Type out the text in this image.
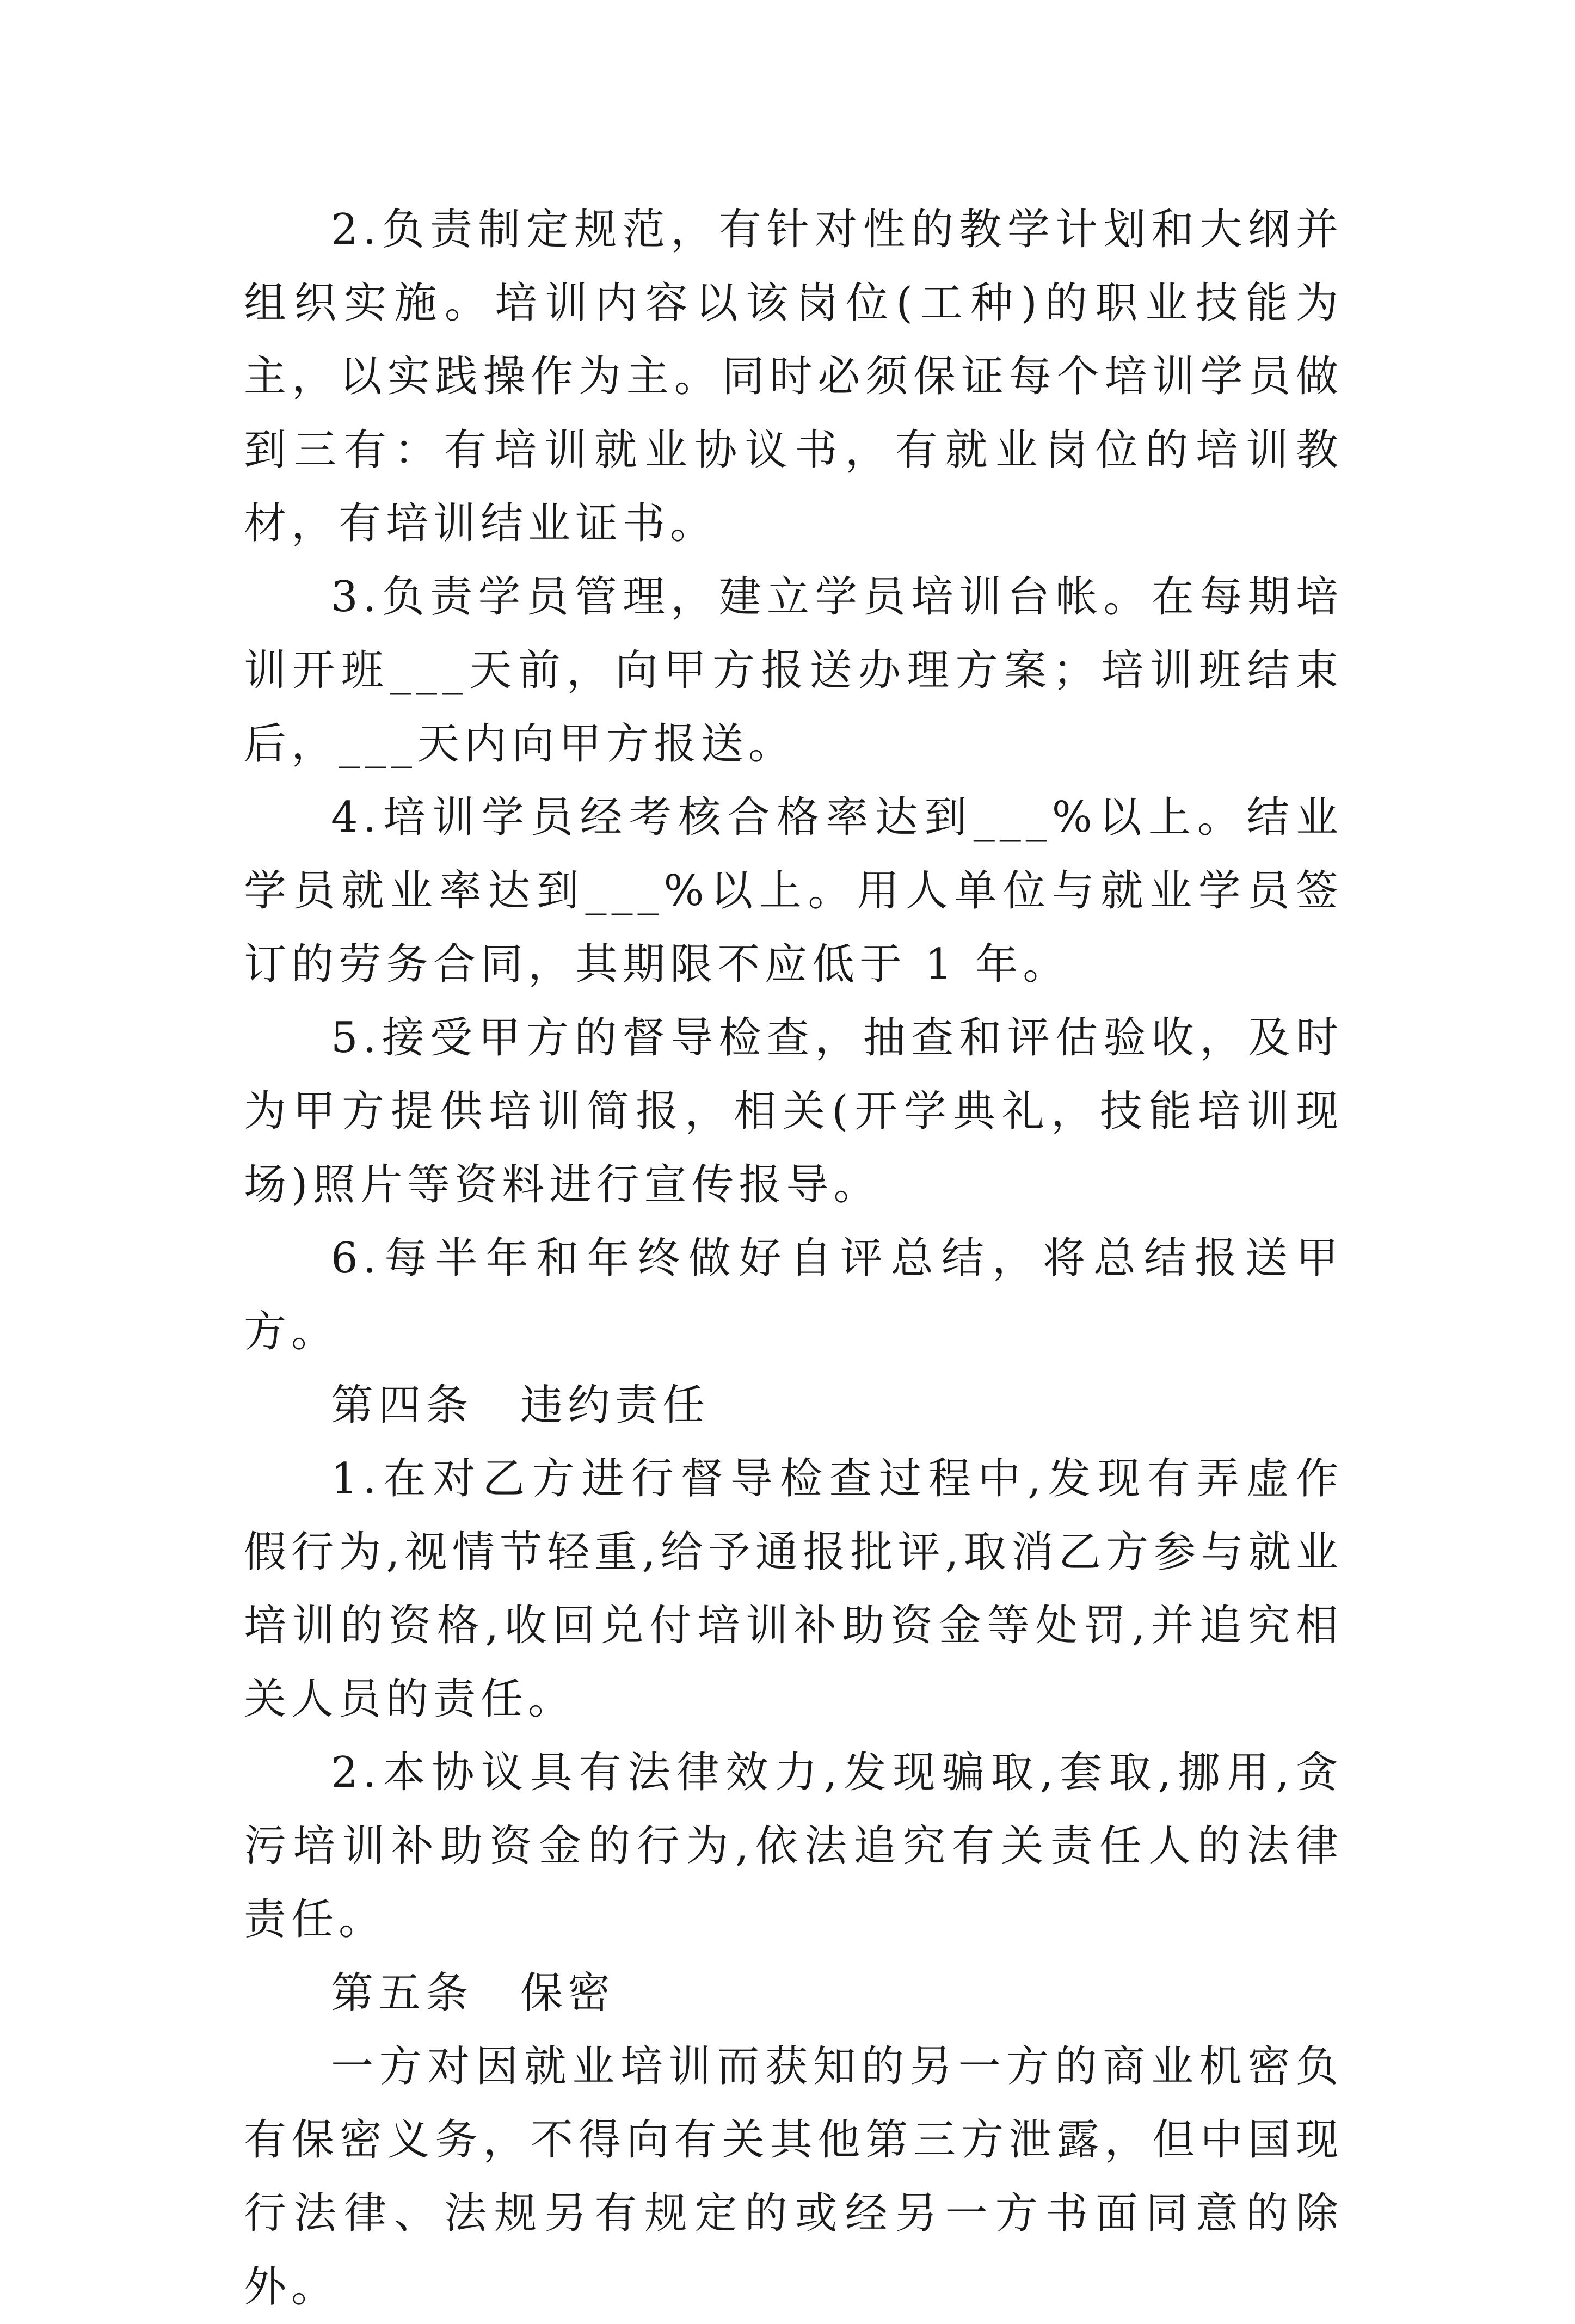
2.负责制定规范，有针对性的教学计划和大纲并组织实施。培训内容以该岗位(工种)的职业技能为主，以实践操作为主。同时必须保证每个培训学员做到三有：有培训就业协议书，有就业岗位的培训教材，有培训结业证书。

3.负责学员管理，建立学员培训台帐。在每期培训开班___天前，向甲方报送办理方案；培训班结束后，___天内向甲方报送。

4.培训学员经考核合格率达到___%以上。结业学员就业率达到___%以上。用人单位与就业学员签订的劳务合同，其期限不应低于 1 年。

5.接受甲方的督导检查，抽查和评估验收，及时为甲方提供培训简报，相关(开学典礼，技能培训现场)照片等资料进行宣传报导。

6.每半年和年终做好自评总结，将总结报送甲方。

第四条　违约责任

1.在对乙方进行督导检查过程中,发现有弄虚作假行为,视情节轻重,给予通报批评,取消乙方参与就业培训的资格,收回兑付培训补助资金等处罚,并追究相关人员的责任。

2.本协议具有法律效力,发现骗取,套取,挪用,贪污培训补助资金的行为,依法追究有关责任人的法律责任。

第五条　保密

一方对因就业培训而获知的另一方的商业机密负有保密义务，不得向有关其他第三方泄露，但中国现行法律、法规另有规定的或经另一方书面同意的除外。
